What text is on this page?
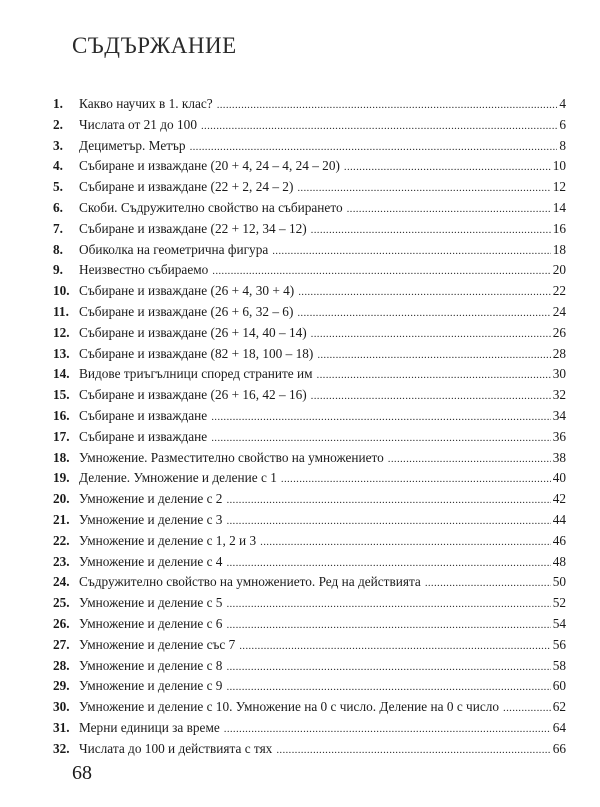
СЪДЪРЖАНИЕ
1.	Какво научих в 1. клас? .....	4
2.	Числата от 21 до 100 .....	6
3.	Дециметър. Метър .....	8
4.	Събиране и изваждане (20 + 4, 24 – 4, 24 – 20) .....	10
5.	Събиране и изваждане (22 + 2, 24 – 2) .....	12
6.	Скоби. Съдружително свойство на събирането .....	14
7.	Събиране и изваждане (22 + 12, 34 – 12) .....	16
8.	Обиколка на геометрична фигура .....	18
9.	Неизвестно събираемо .....	20
10. Събиране и изваждане (26 + 4, 30 + 4) .....	22
11. Събиране и изваждане (26 + 6, 32 – 6) .....	24
12. Събиране и изваждане (26 + 14, 40 – 14) .....	26
13. Събиране и изваждане (82 + 18, 100 – 18) .....	28
14. Видове триъгълници според страните им .....	30
15. Събиране и изваждане (26 + 16, 42 – 16) .....	32
16. Събиране и изваждане .....	34
17. Събиране и изваждане .....	36
18. Умножение. Разместително свойство на умножението .....	38
19. Деление. Умножение и деление с 1 .....	40
20. Умножение и деление с 2 .....	42
21. Умножение и деление с 3 .....	44
22. Умножение и деление с 1, 2 и 3 .....	46
23. Умножение и деление с 4 .....	48
24. Съдружително свойство на умножението. Ред на действията .....	50
25. Умножение и деление с 5 .....	52
26. Умножение и деление с 6 .....	54
27. Умножение и деление със 7 .....	56
28. Умножение и деление с 8 .....	58
29. Умножение и деление с 9 .....	60
30. Умножение и деление с 10. Умножение на 0 с число. Деление на 0 с число .....	62
31. Мерни единици за време .....	64
32. Числата до 100 и действията с тях .....	66
68
